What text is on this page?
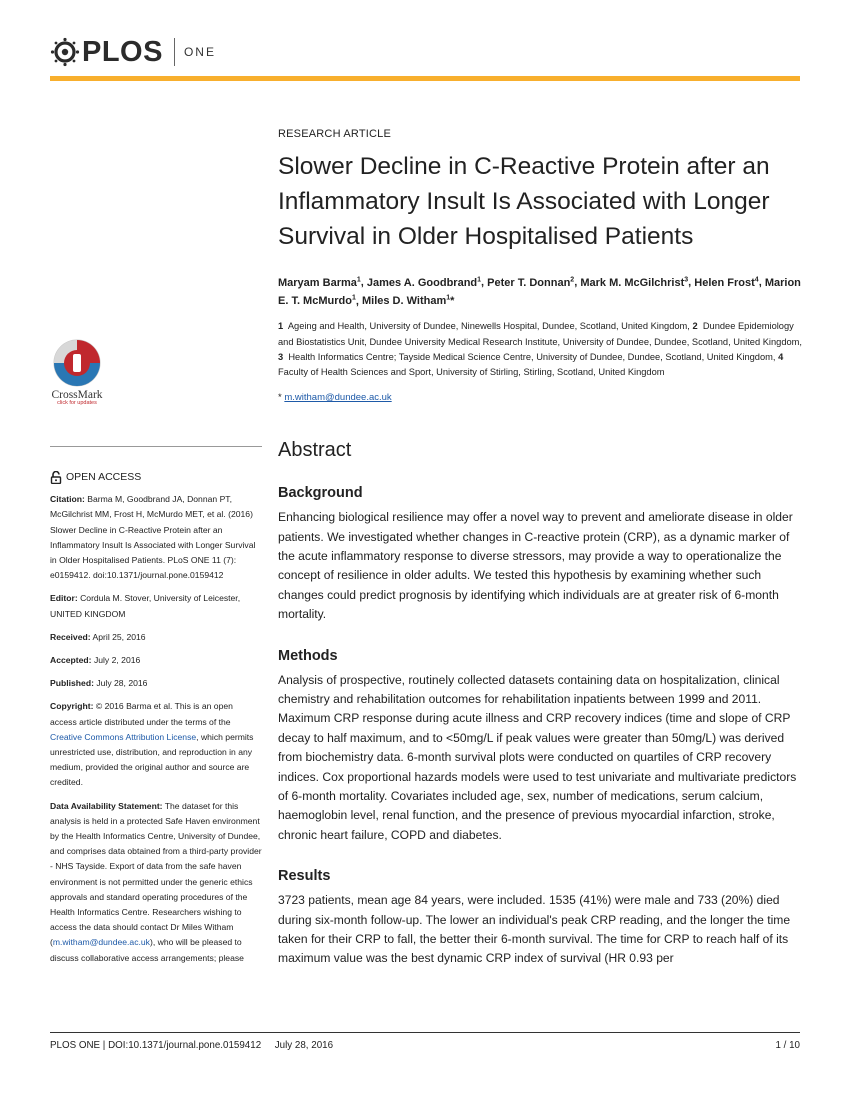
PLOS ONE
CrossMark
click for updates
OPEN ACCESS
Citation: Barma M, Goodbrand JA, Donnan PT, McGilchrist MM, Frost H, McMurdo MET, et al. (2016) Slower Decline in C-Reactive Protein after an Inflammatory Insult Is Associated with Longer Survival in Older Hospitalised Patients. PLoS ONE 11 (7): e0159412. doi:10.1371/journal.pone.0159412
Editor: Cordula M. Stover, University of Leicester, UNITED KINGDOM
Received: April 25, 2016
Accepted: July 2, 2016
Published: July 28, 2016
Copyright: © 2016 Barma et al. This is an open access article distributed under the terms of the Creative Commons Attribution License, which permits unrestricted use, distribution, and reproduction in any medium, provided the original author and source are credited.
Data Availability Statement: The dataset for this analysis is held in a protected Safe Haven environment by the Health Informatics Centre, University of Dundee, and comprises data obtained from a third-party provider - NHS Tayside. Export of data from the safe haven environment is not permitted under the generic ethics approvals and standard operating procedures of the Health Informatics Centre. Researchers wishing to access the data should contact Dr Miles Witham (m.witham@dundee.ac.uk), who will be pleased to discuss collaborative access arrangements; please
RESEARCH ARTICLE
Slower Decline in C-Reactive Protein after an Inflammatory Insult Is Associated with Longer Survival in Older Hospitalised Patients
Maryam Barma$^1$, James A. Goodbrand$^1$, Peter T. Donnan$^2$, Mark M. McGilchrist$^3$, Helen Frost$^4$, Marion E. T. McMurdo$^1$, Miles D. Witham$^1$*
1 Ageing and Health, University of Dundee, Ninewells Hospital, Dundee, Scotland, United Kingdom, 2 Dundee Epidemiology and Biostatistics Unit, Dundee University Medical Research Institute, University of Dundee, Dundee, Scotland, United Kingdom, 3 Health Informatics Centre; Tayside Medical Science Centre, University of Dundee, Dundee, Scotland, United Kingdom, 4  Faculty of Health Sciences and Sport, University of Stirling, Stirling, Scotland, United Kingdom
* m.witham@dundee.ac.uk
Abstract
Background

Enhancing biological resilience may offer a novel way to prevent and ameliorate disease in older patients. We investigated whether changes in C-reactive protein (CRP), as a dynamic marker of the acute inflammatory response to diverse stressors, may provide a way to operationalize the concept of resilience in older adults. We tested this hypothesis by examining whether such changes could predict prognosis by identifying which individuals are at greater risk of 6-month mortality.

Methods

Analysis of prospective, routinely collected datasets containing data on hospitalization, clinical chemistry and rehabilitation outcomes for rehabilitation inpatients between 1999 and 2011. Maximum CRP response during acute illness and CRP recovery indices (time and slope of CRP decay to half maximum, and to <50mg/L if peak values were greater than 50mg/L) was derived from biochemistry data. 6-month survival plots were conducted on quartiles of CRP recovery indices. Cox proportional hazards models were used to test univariate and multivariate predictors of 6-month mortality. Covariates included age, sex, number of medications, serum calcium, haemoglobin level, renal function, and the presence of previous myocardial infarction, stroke, chronic heart failure, COPD and diabetes.

Results

3723 patients, mean age 84 years, were included. 1535 (41%) were male and 733 (20%) died during six-month follow-up. The lower an individual's peak CRP reading, and the longer the time taken for their CRP to fall, the better their 6-month survival. The time for CRP to reach half of its maximum value was the best dynamic CRP index of survival (HR 0.93 per

PLOS ONE | DOI:10.1371/journal.pone.0159412 July 28, 2016	1 / 10
